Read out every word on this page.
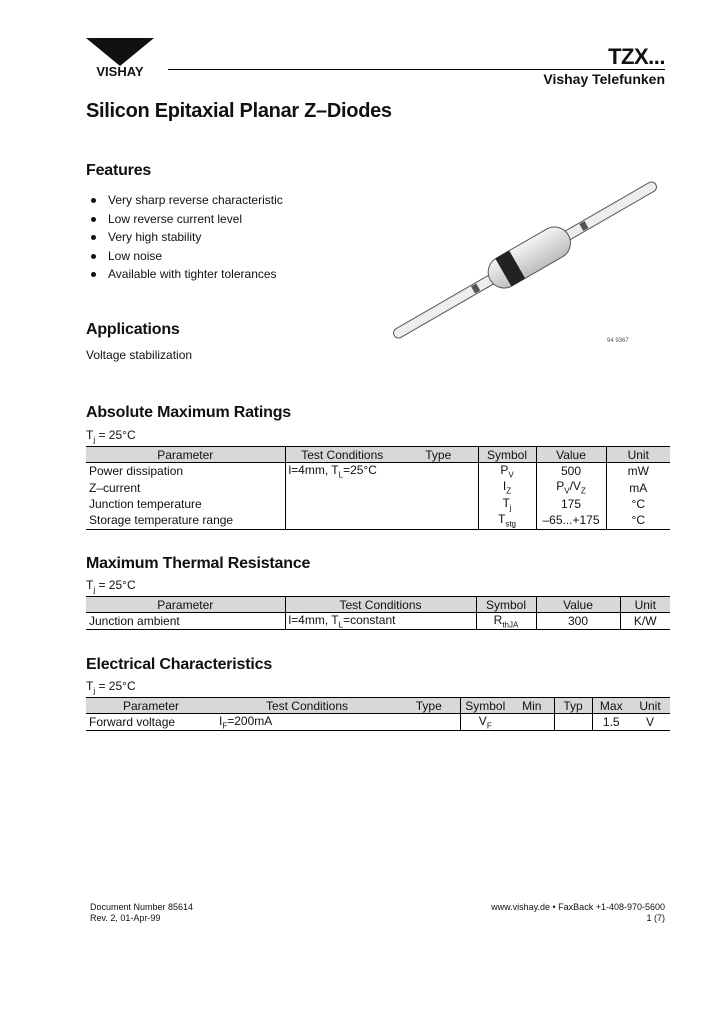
VISHAY
TZX...
Vishay Telefunken
Silicon Epitaxial Planar Z–Diodes
Features
Very sharp reverse characteristic
Low reverse current level
Very high stability
Low noise
Available with tighter tolerances
94 9367
Applications
Voltage stabilization
Absolute Maximum Ratings
$T_j = 25^\circ C$
Parameter	Test Conditions	Type	Symbol	Value	Unit
Power dissipation	l=4mm, $T_L=25^\circ C$		$P_V$	500	mW
Z–current			$I_Z$	$P_V/V_Z$	mA
Junction temperature			$T_j$	175	°C
Storage temperature range			$T_{stg}$	–65...+175	°C
Maximum Thermal Resistance
$T_j = 25^\circ C$
Parameter	Test Conditions	Symbol	Value	Unit
Junction ambient	l=4mm, $T_L=constant$	$R_{thJA}$	300	K/W
Electrical Characteristics
$T_j = 25^\circ C$
Parameter	Test Conditions	Type	Symbol	Min	Typ	Max	Unit
Forward voltage	$I_F=200mA$		$V_F$			1.5	V
Document Number 85614
Rev. 2, 01-Apr-99
www.vishay.de • FaxBack +1-408-970-5600
1 (7)
